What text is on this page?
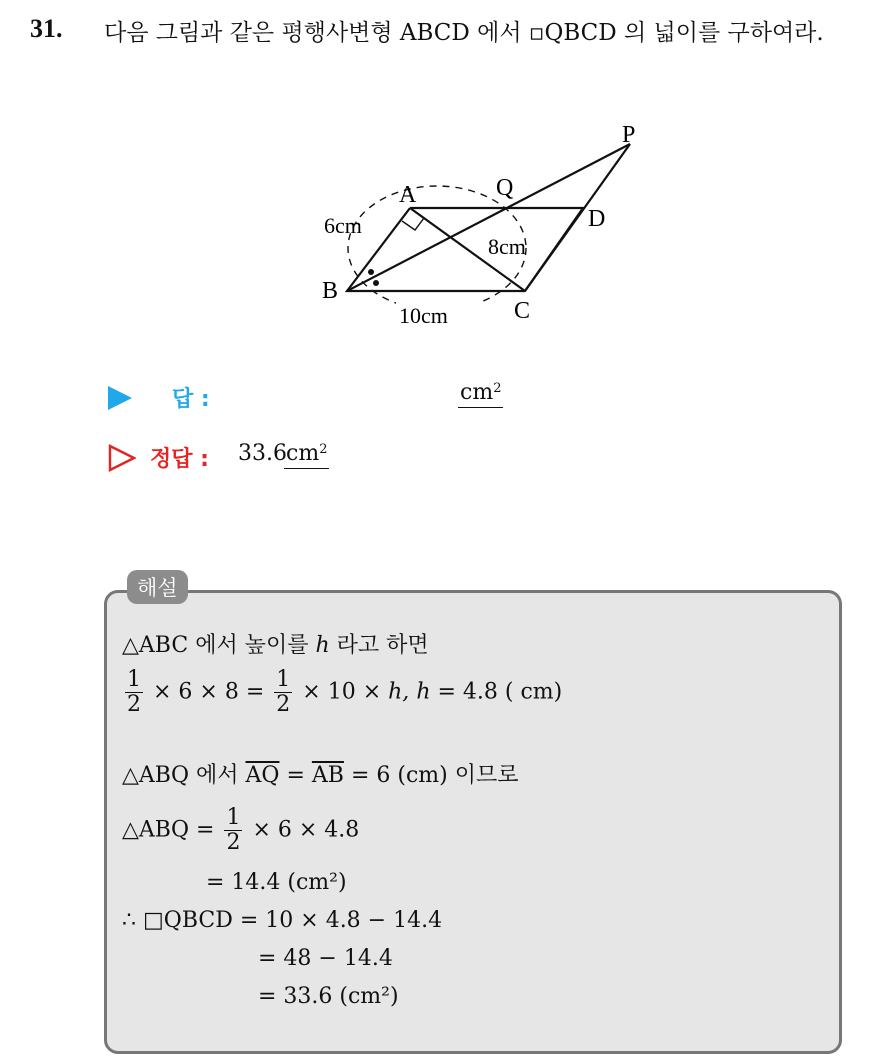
31. 다음 그림과 같은 평행사변형 ABCD 에서 ▫QBCD 의 넓이를 구하여라.
A	Q
P
D
B
C
6cm
8cm
10cm
답 :	$cm^2$
정답 : 33.6 $cm^2$
해설
△ABC 에서 높이를 h 라고 하면
$\frac{1}{2} \times 6 \times 8 = \frac{1}{2} \times 10 \times h$, h = 4.8 ( cm)
△ABQ 에서 $\overline{AQ} = \overline{AB} = 6$ (cm) 이므로
△ABQ = $\frac{1}{2} \times 6 \times 4.8$
= 14.4 (cm²)
∴ □QBCD = 10 × 4.8 − 14.4
= 48 − 14.4
= 33.6 (cm²)
